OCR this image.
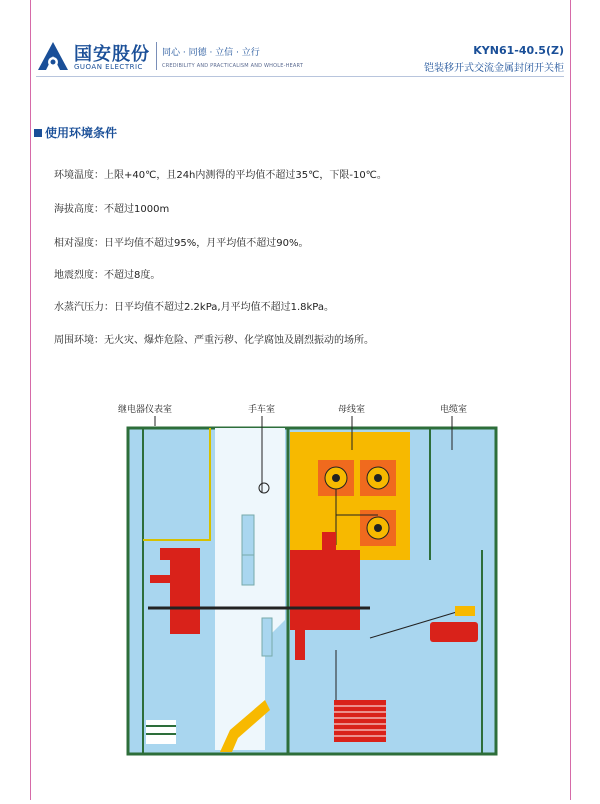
国安股份
GUOAN ELECTRIC
同心 · 同德 · 立信 · 立行
CREDIBILITY AND PRACTICALISM AND WHOLE-HEART
KYN61-40.5(Z)
铠装移开式交流金属封闭开关柜
使用环境条件
环境温度：上限+40℃，且24h内测得的平均值不超过35℃，下限-10℃。
海拔高度：不超过1000m
相对湿度：日平均值不超过95%，月平均值不超过90%。
地震烈度：不超过8度。
水蒸汽压力：日平均值不超过2.2kPa,月平均值不超过1.8kPa。
周围环境：无火灾、爆炸危险、严重污秽、化学腐蚀及剧烈振动的场所。
继电器仪表室	手车室	母线室	电缆室
